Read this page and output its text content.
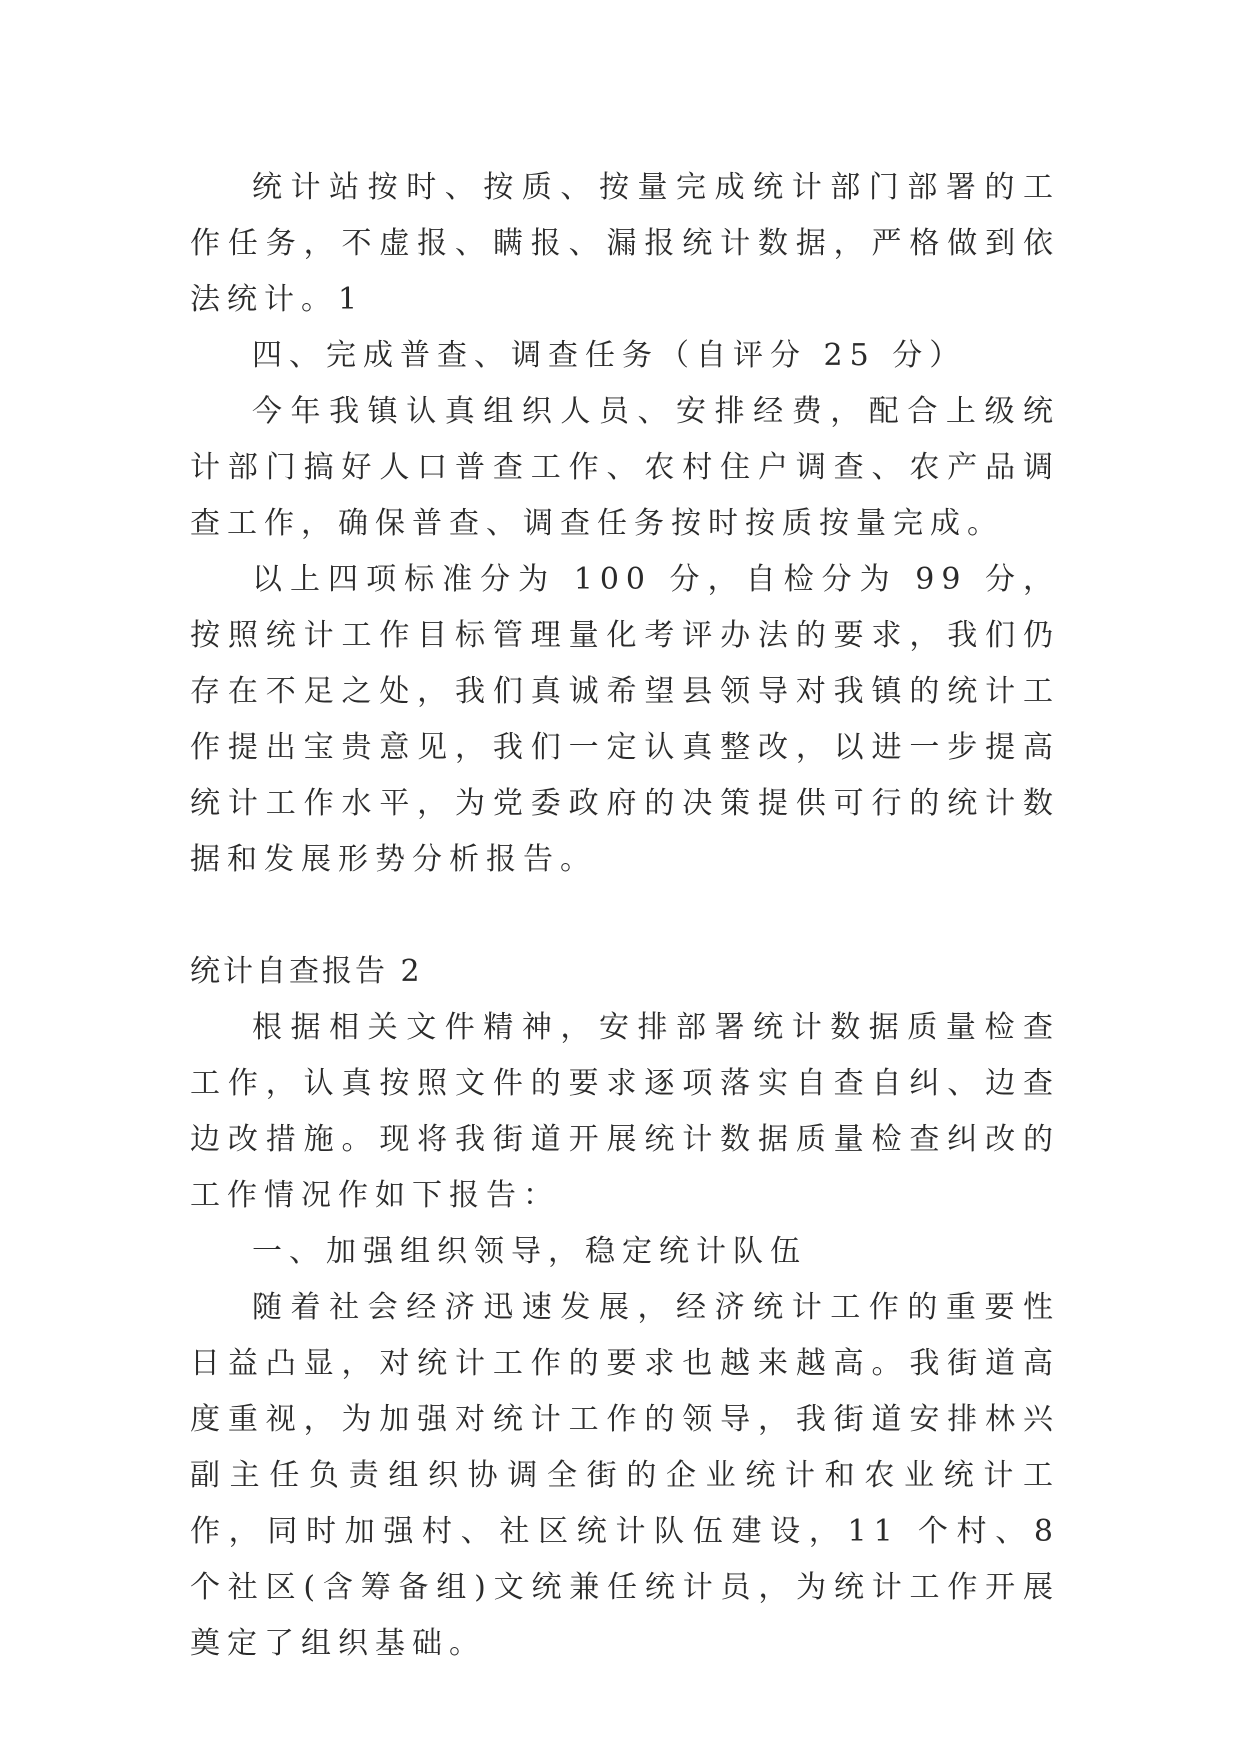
统计站按时、按质、按量完成统计部门部署的工作任务，不虚报、瞒报、漏报统计数据，严格做到依法统计。1

四、完成普查、调查任务（自评分 25 分）

今年我镇认真组织人员、安排经费，配合上级统计部门搞好人口普查工作、农村住户调查、农产品调查工作，确保普查、调查任务按时按质按量完成。

以上四项标准分为 100 分，自检分为 99 分，按照统计工作目标管理量化考评办法的要求，我们仍存在不足之处，我们真诚希望县领导对我镇的统计工作提出宝贵意见，我们一定认真整改，以进一步提高统计工作水平，为党委政府的决策提供可行的统计数据和发展形势分析报告。

统计自查报告 2

根据相关文件精神，安排部署统计数据质量检查工作，认真按照文件的要求逐项落实自查自纠、边查边改措施。现将我街道开展统计数据质量检查纠改的工作情况作如下报告：

一、加强组织领导，稳定统计队伍

随着社会经济迅速发展，经济统计工作的重要性日益凸显，对统计工作的要求也越来越高。我街道高度重视，为加强对统计工作的领导，我街道安排林兴副主任负责组织协调全街的企业统计和农业统计工作，同时加强村、社区统计队伍建设，11 个村、8 个社区(含筹备组)文统兼任统计员，为统计工作开展奠定了组织基础。
